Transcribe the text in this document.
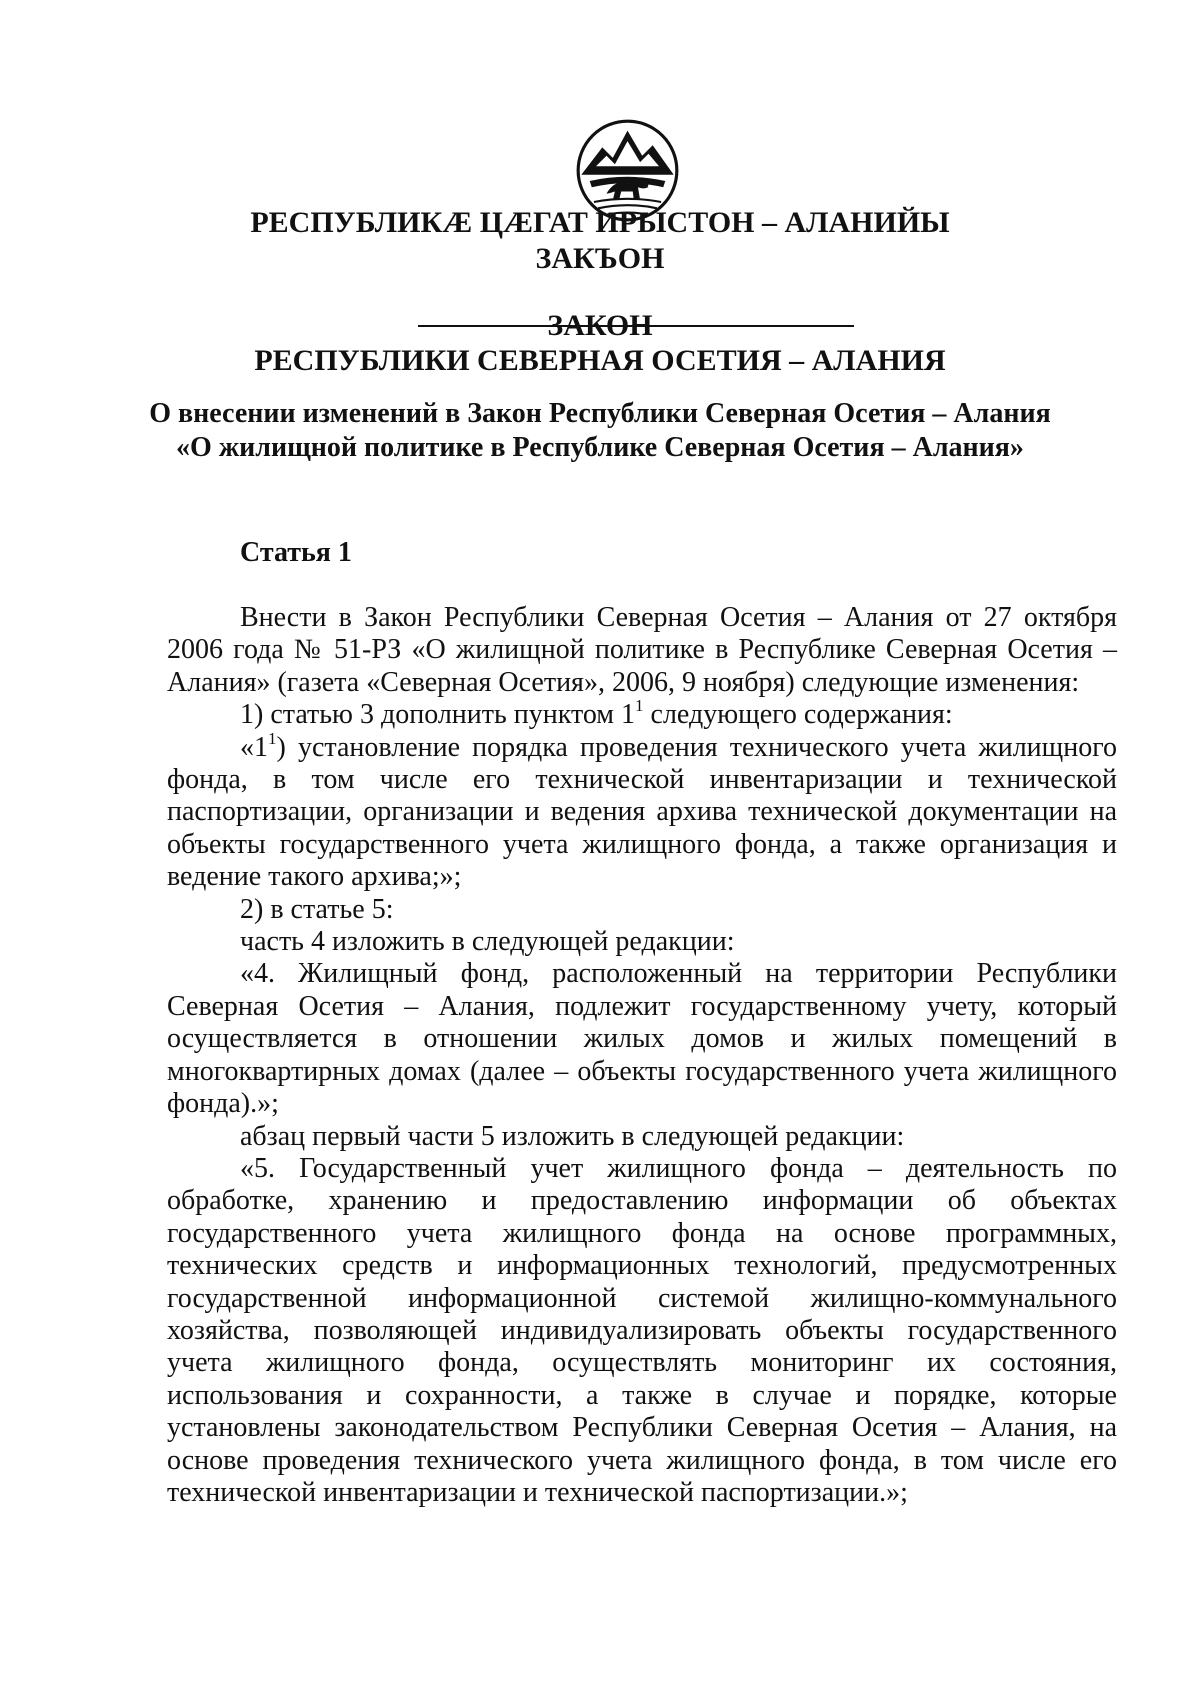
РЕСПУБЛИКӔ ЦӔГАТ ИРЫСТОН – АЛАНИЙЫ
ЗАКЪОН
ЗАКОН
РЕСПУБЛИКИ СЕВЕРНАЯ ОСЕТИЯ – АЛАНИЯ
О внесении изменений в Закон Республики Северная Осетия – Алания
«О жилищной политике в Республике Северная Осетия – Алания»
Статья 1

Внести в Закон Республики Северная Осетия – Алания от 27 октября 2006 года № 51-РЗ «О жилищной политике в Республике Северная Осетия – Алания» (газета «Северная Осетия», 2006, 9 ноября) следующие изменения:

1) статью 3 дополнить пунктом $1^1$ следующего содержания:

«$1^1$) установление порядка проведения технического учета жилищного фонда, в том числе его технической инвентаризации и технической паспортизации, организации и ведения архива технической документации на объекты государственного учета жилищного фонда, а также организация и ведение такого архива;»;

2) в статье 5:

часть 4 изложить в следующей редакции:

«4. Жилищный фонд, расположенный на территории Республики Северная Осетия – Алания, подлежит государственному учету, который осуществляется в отношении жилых домов и жилых помещений в многоквартирных домах (далее – объекты государственного учета жилищного фонда).»;

абзац первый части 5 изложить в следующей редакции:

«5. Государственный учет жилищного фонда – деятельность по обработке, хранению и предоставлению информации об объектах государственного учета жилищного фонда на основе программных, технических средств и информационных технологий, предусмотренных государственной информационной системой жилищно-коммунального хозяйства, позволяющей индивидуализировать объекты государственного учета жилищного фонда, осуществлять мониторинг их состояния, использования и сохранности, а также в случае и порядке, которые установлены законодательством Республики Северная Осетия – Алания, на основе проведения технического учета жилищного фонда, в том числе его технической инвентаризации и технической паспортизации.»;
